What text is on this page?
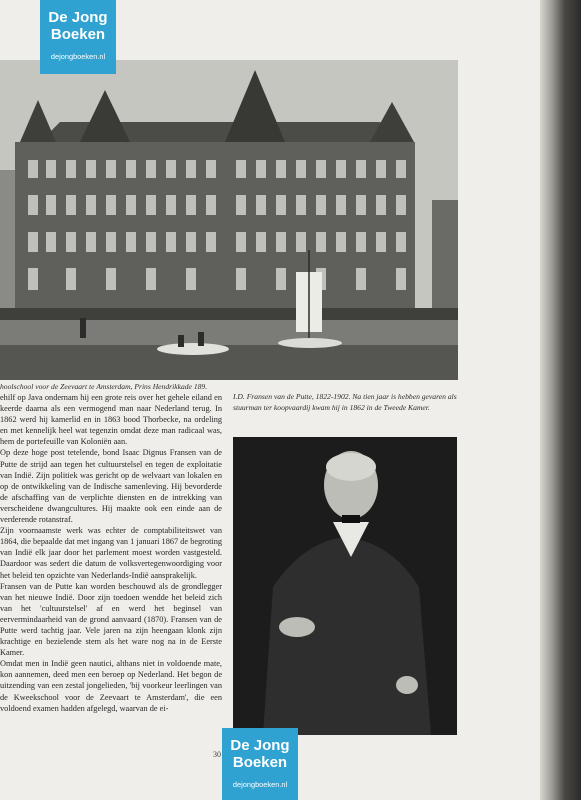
hoolschool voor de Zeevaart te Amsterdam, Prins Hendrikkade 189.

ehilf op Java ondernam hij een grote reis over het gehele eiland en keerde daarna als een vermogend man naar Nederland terug. In 1862 werd hij kamerlid en in 1863 bood Thorbecke, na ordeling en met kennelijk heel wat tegenzin omdat deze man radicaal was, hem de portefeuille van Koloniën aan.

Op deze hoge post tetelende, bond Isaac Dignus Fransen van de Putte de strijd aan tegen het cultuurstelsel en tegen de exploitatie van Indië. Zijn politiek was gericht op de welvaart van lokalen en op de ontwikkeling van de Indische samenleving. Hij bevorderde de afschaffing van de verplichte diensten en de intrekking van verscheidene dwangcultures. Hij maakte ook een einde aan de verderende rotanstraf.

Zijn voornaamste werk was echter de comptabiliteitswet van 1864, die bepaalde dat met ingang van 1 januari 1867 de begroting van Indië elk jaar door het parlement moest worden vastgesteld. Daardoor was sedert die datum de volksvertegenwoordiging voor het beleid ten opzichte van Nederlands-Indië aansprakelijk.

Fransen van de Putte kan worden beschouwd als de grondlegger van het nieuwe Indië. Door zijn toedoen wendde het beleid zich van het 'cultuurstelsel' af en werd het beginsel van eervermindaarheid van de grond aanvaard (1870). Fransen van de Putte werd tachtig jaar. Vele jaren na zijn heengaan klonk zijn krachtige en bezielende stem als het ware nog na in de Eerste Kamer.

Omdat men in Indië geen nautici, althans niet in voldoende mate, kon aannemen, deed men een beroep op Nederland. Het begon de uitzending van een zestal jongelieden, 'bij voorkeur leerlingen van de Kweekschool voor de Zeevaart te Amsterdam', die een voldoend examen hadden afgelegd, waarvan de ei-

I.D. Fransen van de Putte, 1822-1902. Na tien jaar is hebben gevaren als stuurman ter koopvaardij kwam hij in 1862 in de Tweede Kamer.
30
De Jong
Boeken
dejongboeken.nl
De Jong
Boeken
dejongboeken.nl
